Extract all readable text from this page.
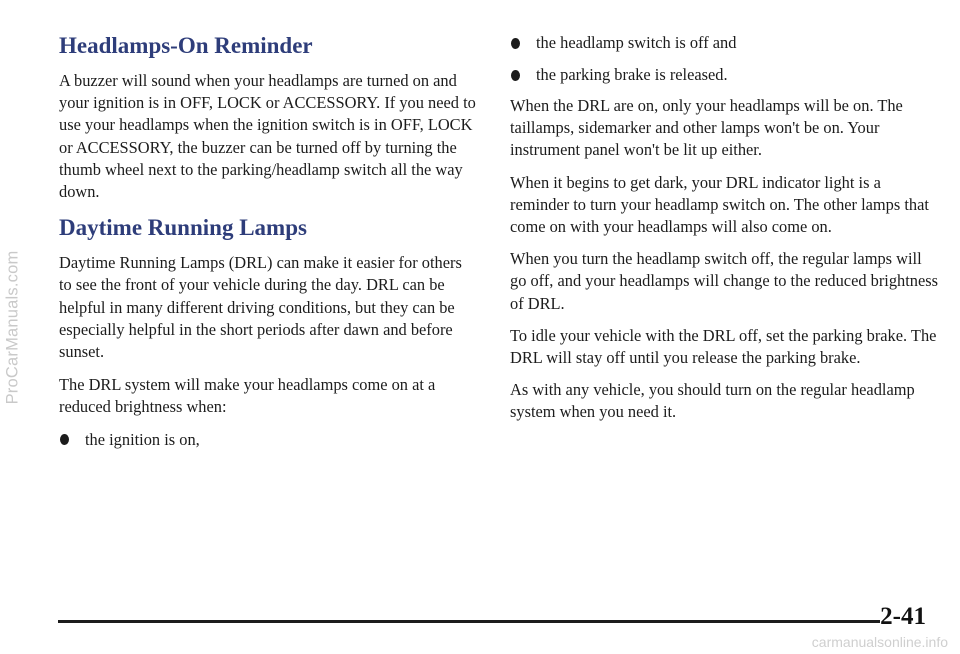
ProCarManuals.com
Headlamps-On Reminder

A buzzer will sound when your headlamps are turned on and your ignition is in OFF, LOCK or ACCESSORY. If you need to use your headlamps when the ignition switch is in OFF, LOCK or ACCESSORY, the buzzer can be turned off by turning the thumb wheel next to the parking/headlamp switch all the way down.

Daytime Running Lamps

Daytime Running Lamps (DRL) can make it easier for others to see the front of your vehicle during the day. DRL can be helpful in many different driving conditions, but they can be especially helpful in the short periods after dawn and before sunset.

The DRL system will make your headlamps come on at a reduced brightness when:

the ignition is on,
the headlamp switch is off and
the parking brake is released.

When the DRL are on, only your headlamps will be on. The taillamps, sidemarker and other lamps won't be on. Your instrument panel won't be lit up either.

When it begins to get dark, your DRL indicator light is a reminder to turn your headlamp switch on. The other lamps that come on with your headlamps will also come on.

When you turn the headlamp switch off, the regular lamps will go off, and your headlamps will change to the reduced brightness of DRL.

To idle your vehicle with the DRL off, set the parking brake. The DRL will stay off until you release the parking brake.

As with any vehicle, you should turn on the regular headlamp system when you need it.

2-41
carmanualsonline.info
